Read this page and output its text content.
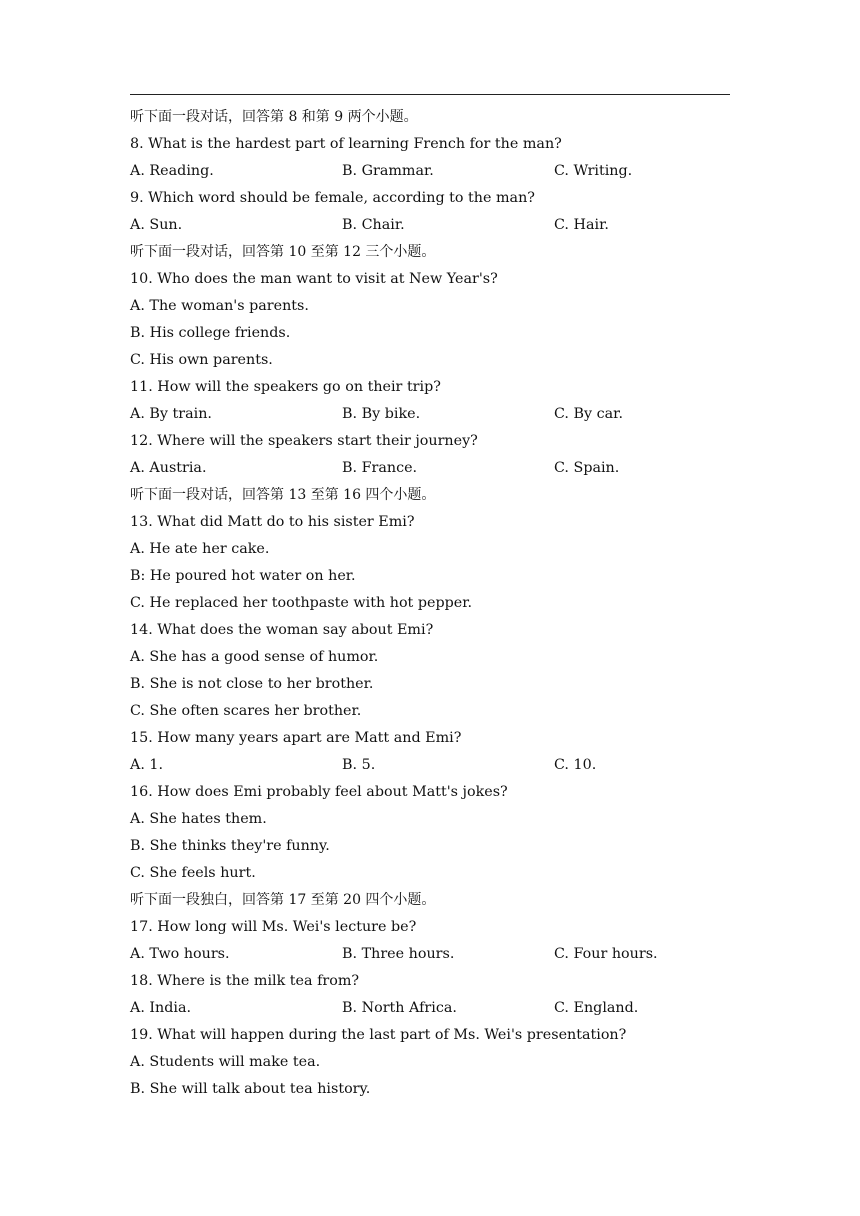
听下面一段对话，回答第 8 和第 9 两个小题。
8. What is the hardest part of learning French for the man?
A. Reading.	B. Grammar.	C. Writing.
9. Which word should be female, according to the man?
A. Sun.	B. Chair.	C. Hair.
听下面一段对话，回答第 10 至第 12 三个小题。
10. Who does the man want to visit at New Year's?
A. The woman's parents.
B. His college friends.
C. His own parents.
11. How will the speakers go on their trip?
A. By train.	B. By bike.	C. By car.
12. Where will the speakers start their journey?
A. Austria.	B. France.	C. Spain.
听下面一段对话，回答第 13 至第 16 四个小题。
13. What did Matt do to his sister Emi?
A. He ate her cake.
B: He poured hot water on her.
C. He replaced her toothpaste with hot pepper.
14. What does the woman say about Emi?
A. She has a good sense of humor.
B. She is not close to her brother.
C. She often scares her brother.
15. How many years apart are Matt and Emi?
A. 1.	B. 5.	C. 10.
16. How does Emi probably feel about Matt's jokes?
A. She hates them.
B. She thinks they're funny.
C. She feels hurt.
听下面一段独白，回答第 17 至第 20 四个小题。
17. How long will Ms. Wei's lecture be?
A. Two hours.	B. Three hours.	C. Four hours.
18. Where is the milk tea from?
A. India.	B. North Africa.	C. England.
19. What will happen during the last part of Ms. Wei's presentation?
A. Students will make tea.
B. She will talk about tea history.
